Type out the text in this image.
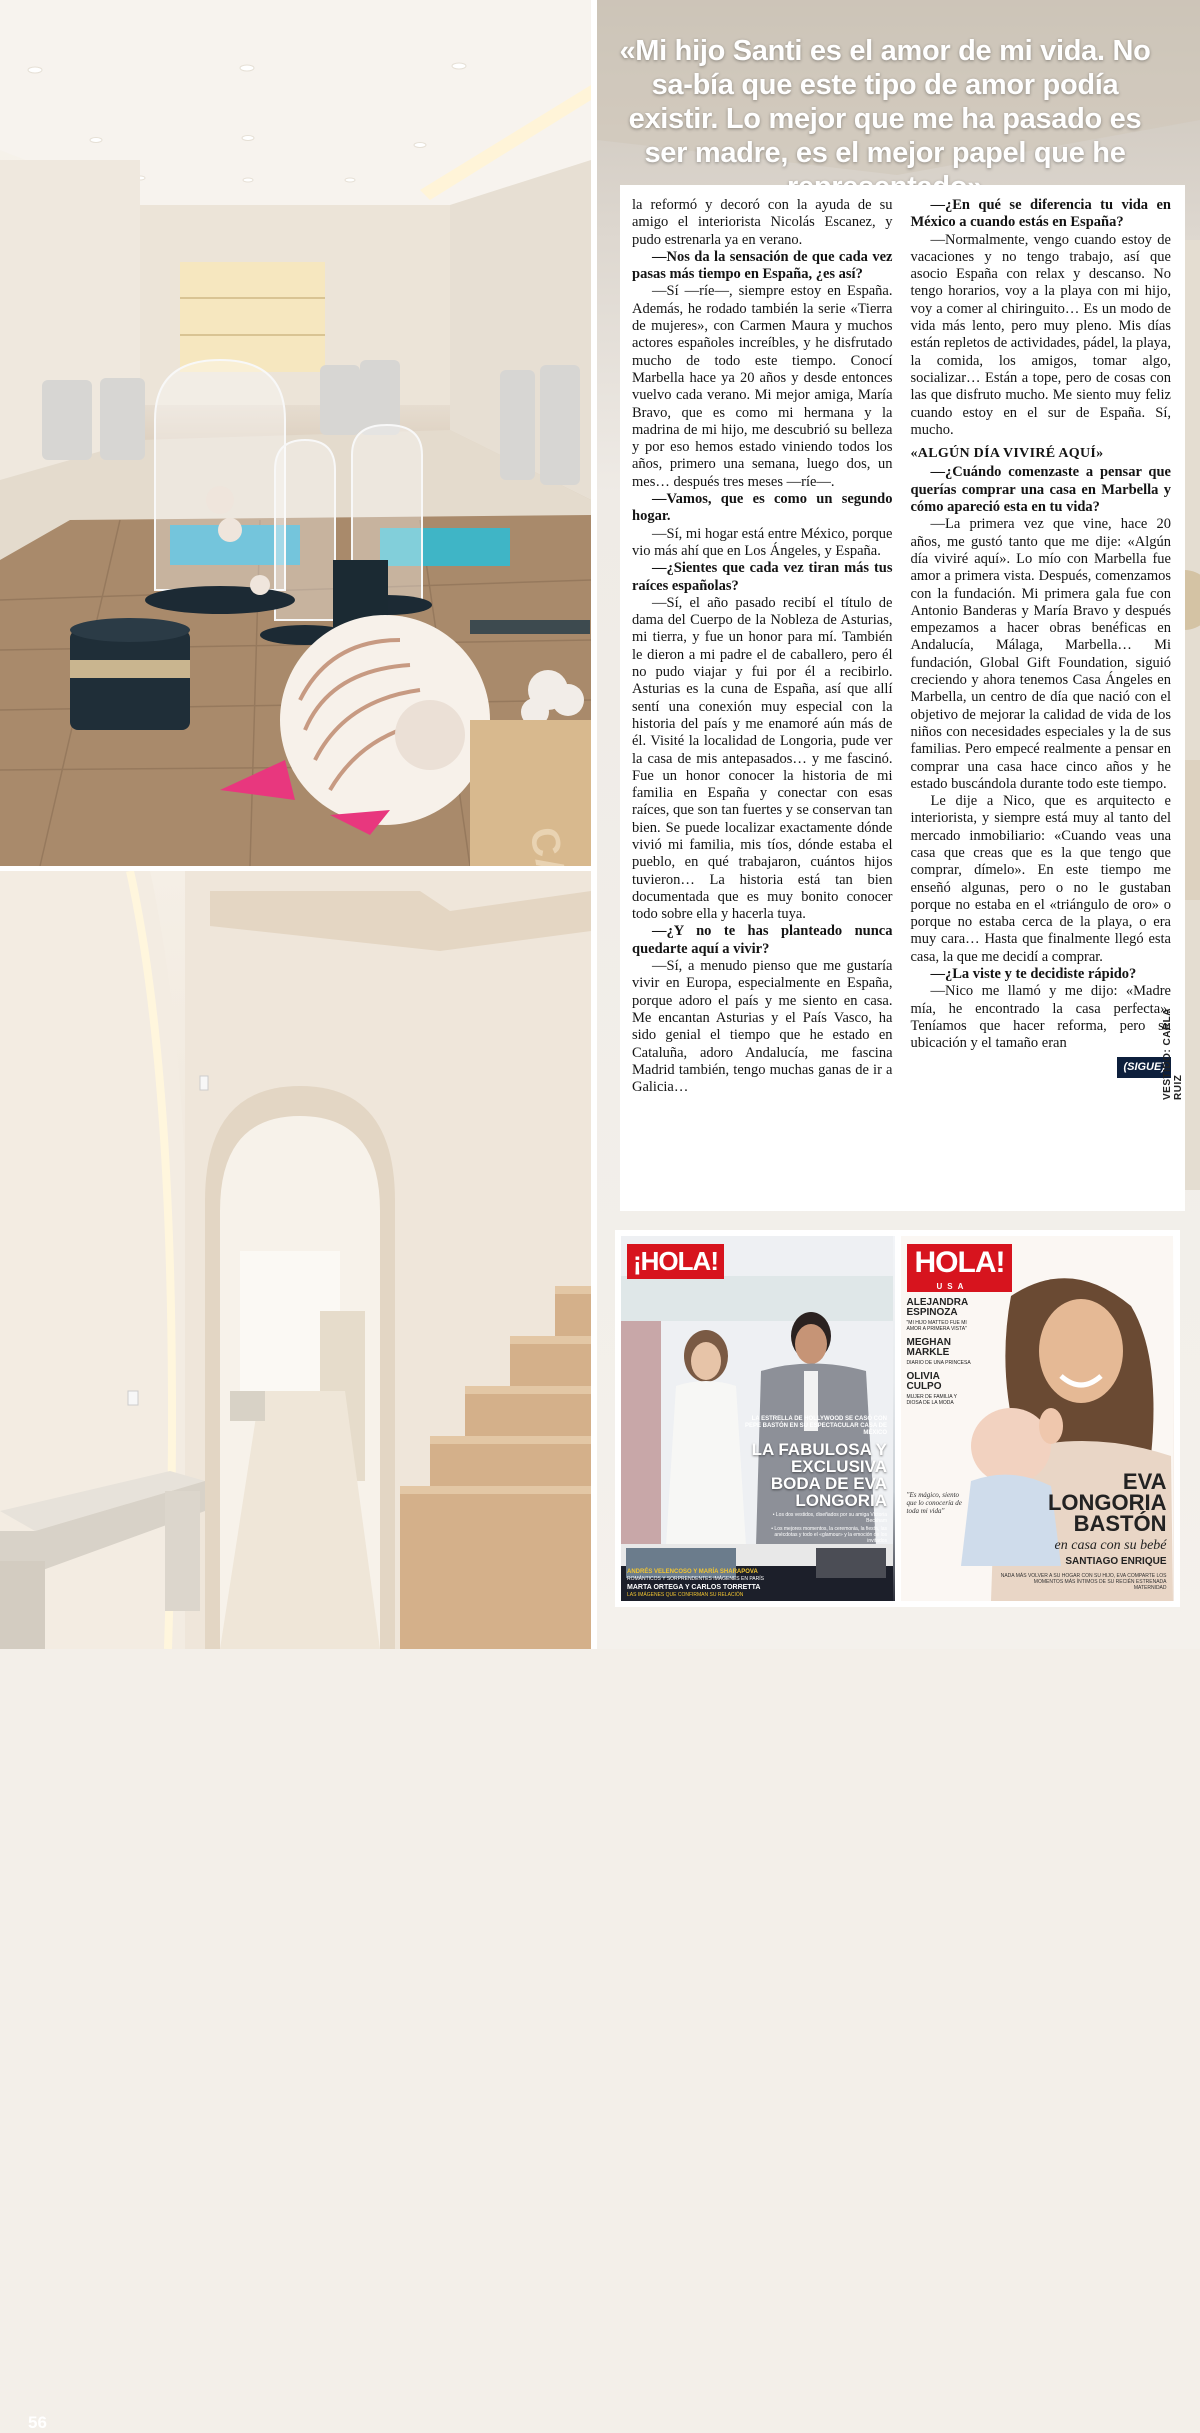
56
«Mi hijo Santi es el amor de mi vida. No sa-bía que este tipo de amor podía existir. Lo mejor que me ha pasado es ser madre, es el mejor papel que he

la reformó y decoró con la ayuda de su amigo el interiorista Nicolás Escanez, y pudo estrenarla ya en verano.

—Nos da la sensación de que cada vez pasas más tiempo en España, ¿es así?

—Sí —ríe—, siempre estoy en España. Además, he rodado también la serie «Tierra de mujeres», con Carmen Maura y muchos actores españoles increíbles, y he disfrutado mucho de todo este tiempo. Conocí Marbella hace ya 20 años y desde entonces vuelvo cada verano. Mi mejor amiga, María Bravo, que es como mi hermana y la madrina de mi hijo, me descubrió su belleza y por eso hemos estado viniendo todos los años, primero una semana, luego dos, un mes… después tres meses —ríe—.

—Vamos, que es como un segundo hogar.

—Sí, mi hogar está entre México, porque vio más ahí que en Los Ángeles, y España.

—¿Sientes que cada vez tiran más tus raíces españolas?

—Sí, el año pasado recibí el título de dama del Cuerpo de la Nobleza de Asturias, mi tierra, y fue un honor para mí. También le dieron a mi padre el de caballero, pero él no pudo viajar y fui por él a recibirlo. Asturias es la cuna de España, así que allí sentí una conexión muy especial con la historia del país y me enamoré aún más de él. Visité la localidad de Longoria, pude ver la casa de mis antepasados… y me fascinó. Fue un honor conocer la historia de mi familia en España y conectar con esas raíces, que son tan fuertes y se conservan tan bien. Se puede localizar exactamente dónde vivió mi familia, mis tíos, dónde estaba el pueblo, en qué trabajaron, cuántos hijos tuvieron… La historia está tan bien documentada que es muy bonito conocer todo sobre ella y hacerla tuya.

—¿Y no te has planteado nunca quedarte aquí a vivir?

—Sí, a menudo pienso que me gustaría vivir en Europa, especialmente en España, porque adoro el país y me siento en casa. Me encantan Asturias y el País Vasco, ha sido genial el tiempo que he estado en Cataluña, adoro Andalucía, me fascina Madrid también, tengo muchas ganas de ir a Galicia…

—¿En qué se diferencia tu vida en México a cuando estás en España?

—Normalmente, vengo cuando estoy de vacaciones y no tengo trabajo, así que asocio España con relax y descanso. No tengo horarios, voy a la playa con mi hijo, voy a comer al chiringuito… Es un modo de vida más lento, pero muy pleno. Mis días están repletos de actividades, pádel, la playa, la comida, los amigos, tomar algo, socializar… Están a tope, pero de cosas con las que disfruto mucho. Me siento muy feliz cuando estoy en el sur de España. Sí, mucho.

«ALGÚN DÍA VIVIRÉ AQUÍ»

—¿Cuándo comenzaste a pensar que querías comprar una casa en Marbella y cómo apareció esta en tu vida?

—La primera vez que vine, hace 20 años, me gustó tanto que me dije: «Algún día viviré aquí». Lo mío con Marbella fue amor a primera vista. Después, comenzamos con la fundación. Mi primera gala fue con Antonio Banderas y María Bravo y después empezamos a hacer obras benéficas en Andalucía, Málaga, Marbella… Mi fundación, Global Gift Foundation, siguió creciendo y ahora tenemos Casa Ángeles en Marbella, un centro de día que nació con el objetivo de mejorar la calidad de vida de los niños con necesidades especiales y la de sus familias. Pero empecé realmente a pensar en comprar una casa hace cinco años y he estado buscándola durante todo este tiempo.

Le dije a Nico, que es arquitecto e interiorista, y siempre está muy al tanto del mercado inmobiliario: «Cuando veas una casa que creas que es la que tengo que comprar, dímelo». En este tiempo me enseñó algunas, pero o no le gustaban porque no estaba en el «triángulo de oro» o porque no estaba cerca de la playa, o era muy cara… Hasta que finalmente llegó esta casa, la que me decidí a comprar.

—¿La viste y te decidiste rápido?

—Nico me llamó y me dijo: «Madre mía, he encontrado la casa perfecta». Teníamos que hacer reforma, pero su ubicación y el tamaño eran

(SIGUE)
VESTIDO: CARLA RUIZ
¡HOLA!
LA ESTRELLA DE HOLLYWOOD SE CASÓ CON PEPE BASTÓN EN SU ESPECTACULAR CASA DE MÉXICO
LA FABULOSA Y EXCLUSIVA BODA DE EVA LONGORIA
• Los dos vestidos, diseñados por su amiga Victoria Beckham
• Los mejores momentos, la ceremonia, la fiesta, las anécdotas y todo el «glamour» y la emoción de los invitados
ANDRÉS VELENCOSO Y MARÍA SHARAPOVA
ROMÁNTICOS Y SORPRENDENTES IMÁGENES EN PARÍS
MARTA ORTEGA Y CARLOS TORRETTA
LAS IMÁGENES QUE CONFIRMAN SU RELACIÓN
HOLA!
USA
ALEJANDRA ESPINOZA
"MI HIJO MATTEO FUE MI AMOR A PRIMERA VISTA"
MEGHAN MARKLE
DIARIO DE UNA PRINCESA
OLIVIA CULPO
MUJER DE FAMILIA Y DIOSA DE LA MODA
"Es mágico, siento que lo conocería de toda mi vida"
EVA LONGORIA BASTÓN
en casa con su bebé
SANTIAGO ENRIQUE
NADA MÁS VOLVER A SU HOGAR CON SU HIJO, EVA COMPARTE LOS MOMENTOS MÁS ÍNTIMOS DE SU RECIÉN ESTRENADA MATERNIDAD
